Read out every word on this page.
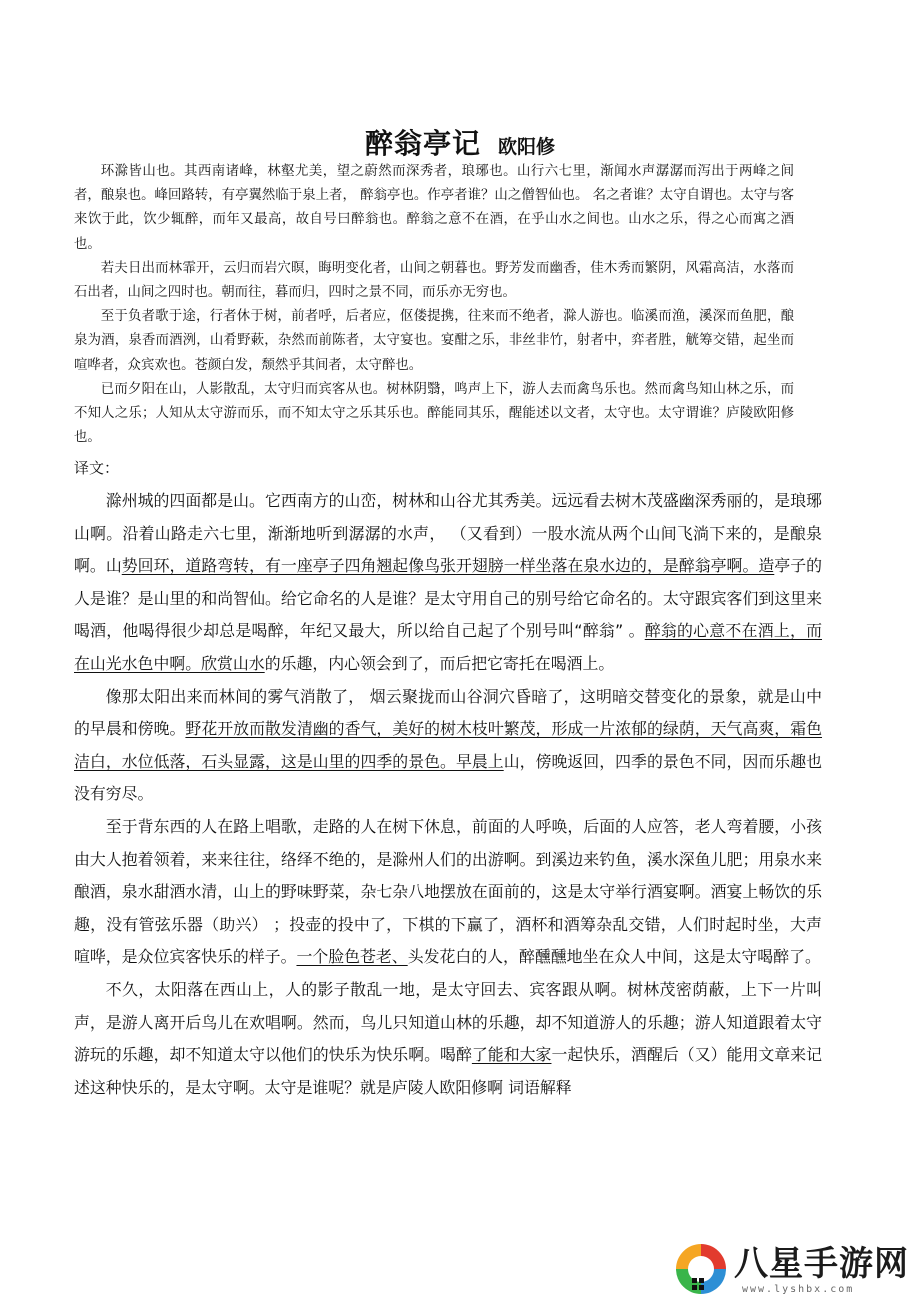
醉翁亭记 欧阳修

环滁皆山也。其西南诸峰，林壑尤美，望之蔚然而深秀者，琅琊也。山行六七里，渐闻水声潺潺而泻出于两峰之间者，酿泉也。峰回路转，有亭翼然临于泉上者， 醉翁亭也。作亭者谁？山之僧智仙也。 名之者谁？太守自谓也。太守与客来饮于此，饮少辄醉，而年又最高，故自号曰醉翁也。醉翁之意不在酒，在乎山水之间也。山水之乐，得之心而寓之酒也。

若夫日出而林霏开，云归而岩穴暝，晦明变化者，山间之朝暮也。野芳发而幽香，佳木秀而繁阴，风霜高洁，水落而石出者，山间之四时也。朝而往，暮而归，四时之景不同，而乐亦无穷也。

至于负者歌于途，行者休于树，前者呼，后者应，伛偻提携，往来而不绝者，滁人游也。临溪而渔，溪深而鱼肥，酿泉为酒，泉香而酒洌，山肴野蔌，杂然而前陈者，太守宴也。宴酣之乐，非丝非竹，射者中，弈者胜，觥筹交错，起坐而喧哗者，众宾欢也。苍颜白发，颓然乎其间者，太守醉也。

已而夕阳在山，人影散乱，太守归而宾客从也。树林阴翳，鸣声上下，游人去而禽鸟乐也。然而禽鸟知山林之乐，而不知人之乐；人知从太守游而乐，而不知太守之乐其乐也。醉能同其乐，醒能述以文者，太守也。太守谓谁？庐陵欧阳修也。

译文：

滁州城的四面都是山。它西南方的山峦，树林和山谷尤其秀美。远远看去树木茂盛幽深秀丽的，是琅琊山啊。沿着山路走六七里，渐渐地听到潺潺的水声， （又看到）一股水流从两个山间飞淌下来的，是酿泉啊。山势回环，道路弯转，有一座亭子四角翘起像鸟张开翅膀一样坐落在泉水边的，是醉翁亭啊。造亭子的人是谁？是山里的和尚智仙。给它命名的人是谁？是太守用自己的别号给它命名的。太守跟宾客们到这里来喝酒，他喝得很少却总是喝醉，年纪又最大，所以给自己起了个别号叫“醉翁” 。醉翁的心意不在酒上，而在山光水色中啊。欣赏山水的乐趣，内心领会到了，而后把它寄托在喝酒上。

像那太阳出来而林间的雾气消散了， 烟云聚拢而山谷洞穴昏暗了，这明暗交替变化的景象，就是山中的早晨和傍晚。野花开放而散发清幽的香气，美好的树木枝叶繁茂，形成一片浓郁的绿荫，天气高爽，霜色洁白，水位低落，石头显露，这是山里的四季的景色。早晨上山，傍晚返回，四季的景色不同，因而乐趣也没有穷尽。

至于背东西的人在路上唱歌，走路的人在树下休息，前面的人呼唤，后面的人应答，老人弯着腰，小孩由大人抱着领着，来来往往，络绎不绝的，是滁州人们的出游啊。到溪边来钓鱼，溪水深鱼儿肥；用泉水来酿酒，泉水甜酒水清，山上的野味野菜，杂七杂八地摆放在面前的，这是太守举行酒宴啊。酒宴上畅饮的乐趣，没有管弦乐器（助兴） ；投壶的投中了，下棋的下赢了，酒杯和酒筹杂乱交错，人们时起时坐，大声喧哗，是众位宾客快乐的样子。一个脸色苍老、头发花白的人，醉醺醺地坐在众人中间，这是太守喝醉了。

不久，太阳落在西山上，人的影子散乱一地，是太守回去、宾客跟从啊。树林茂密荫蔽，上下一片叫声，是游人离开后鸟儿在欢唱啊。然而，鸟儿只知道山林的乐趣，却不知道游人的乐趣；游人知道跟着太守游玩的乐趣，却不知道太守以他们的快乐为快乐啊。喝醉了能和大家一起快乐，酒醒后（又）能用文章来记述这种快乐的，是太守啊。太守是谁呢？就是庐陵人欧阳修啊 词语解释

八星手游网
www.lyshbx.com
